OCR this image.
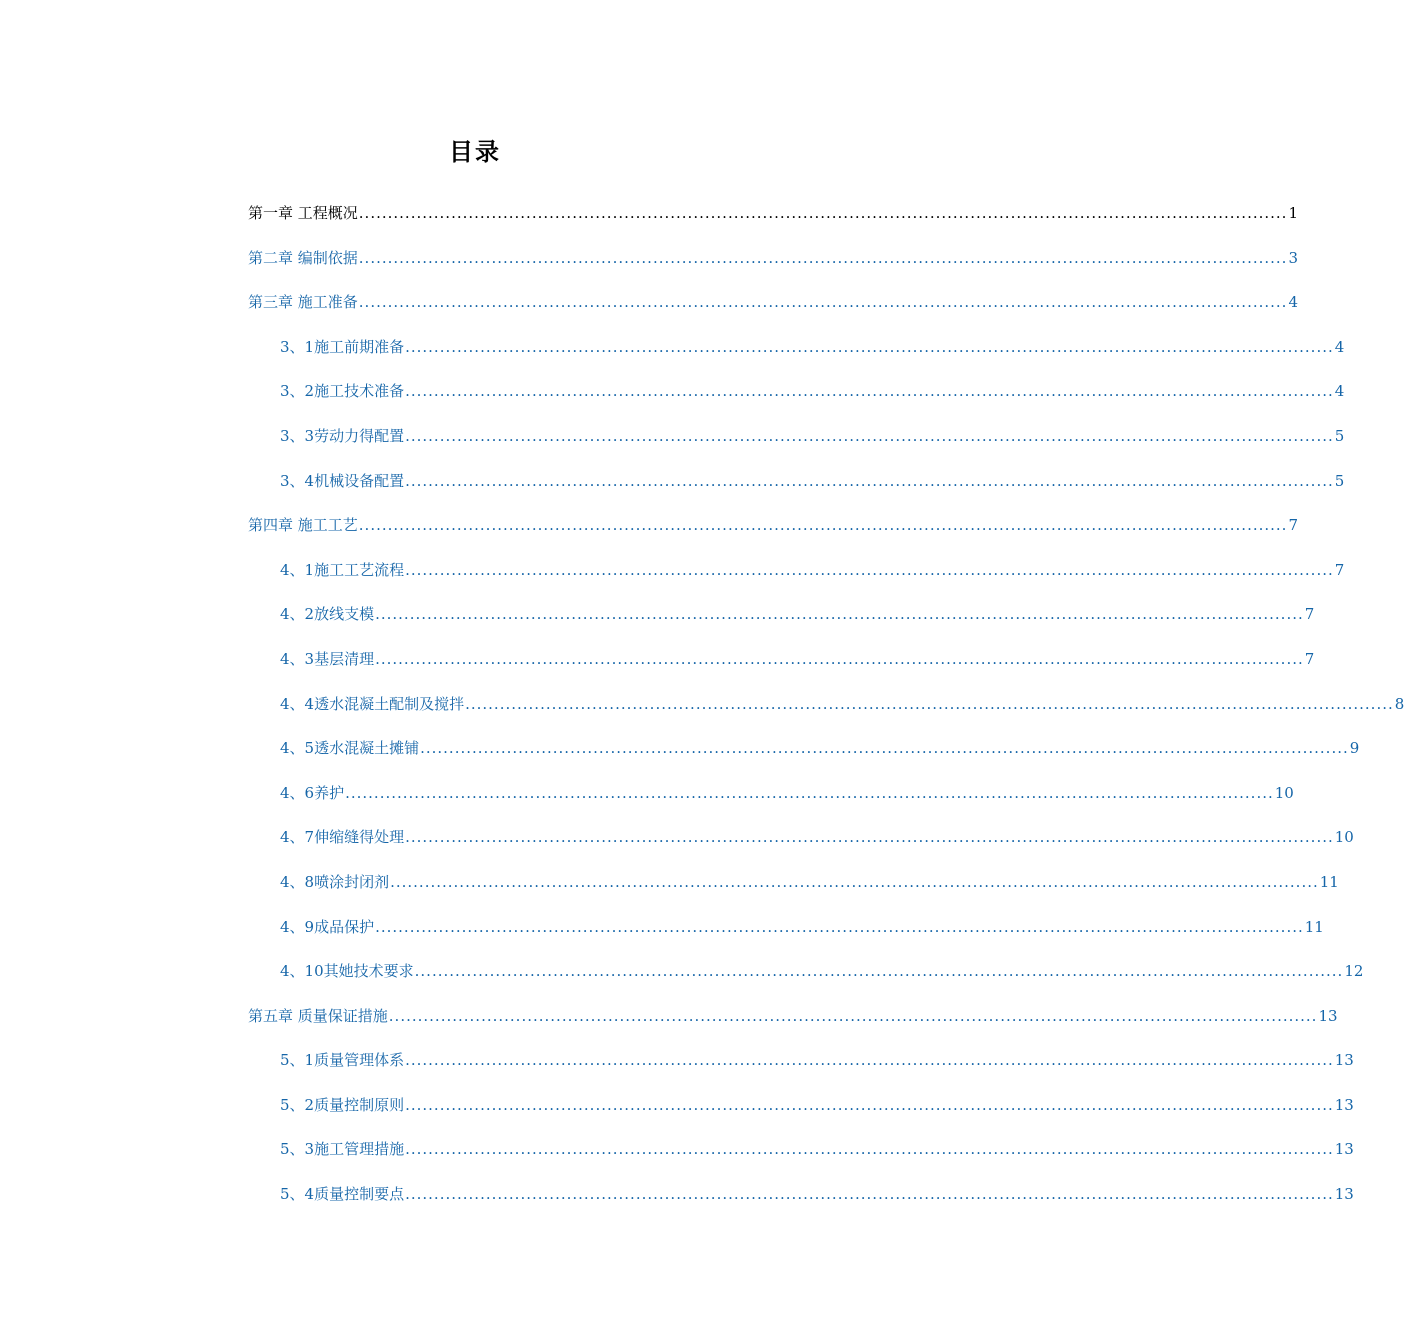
目录
第一章 工程概况 ................................................................................................................................................................. 1
第二章 编制依据 ................................................................................................................................................................. 3
第三章 施工准备 ................................................................................................................................................................. 4
3、1施工前期准备 ................................................................................................................................................................. 4
3、2施工技术准备 ................................................................................................................................................................. 4
3、3劳动力得配置 ................................................................................................................................................................. 5
3、4机械设备配置 ................................................................................................................................................................. 5
第四章 施工工艺 ................................................................................................................................................................. 7
4、1施工工艺流程 ................................................................................................................................................................. 7
4、2放线支模 ................................................................................................................................................................. 7
4、3基层清理 ................................................................................................................................................................. 7
4、4透水混凝土配制及搅拌 ................................................................................................................................................................. 8
4、5透水混凝土摊铺 ................................................................................................................................................................. 9
4、6养护 ................................................................................................................................................................. 10
4、7伸缩缝得处理 ................................................................................................................................................................. 10
4、8喷涂封闭剂 ................................................................................................................................................................. 11
4、9成品保护 ................................................................................................................................................................. 11
4、10其她技术要求 ................................................................................................................................................................. 12
第五章 质量保证措施 ................................................................................................................................................................. 13
5、1质量管理体系 ................................................................................................................................................................. 13
5、2质量控制原则 ................................................................................................................................................................. 13
5、3施工管理措施 ................................................................................................................................................................. 13
5、4质量控制要点 ................................................................................................................................................................. 13
